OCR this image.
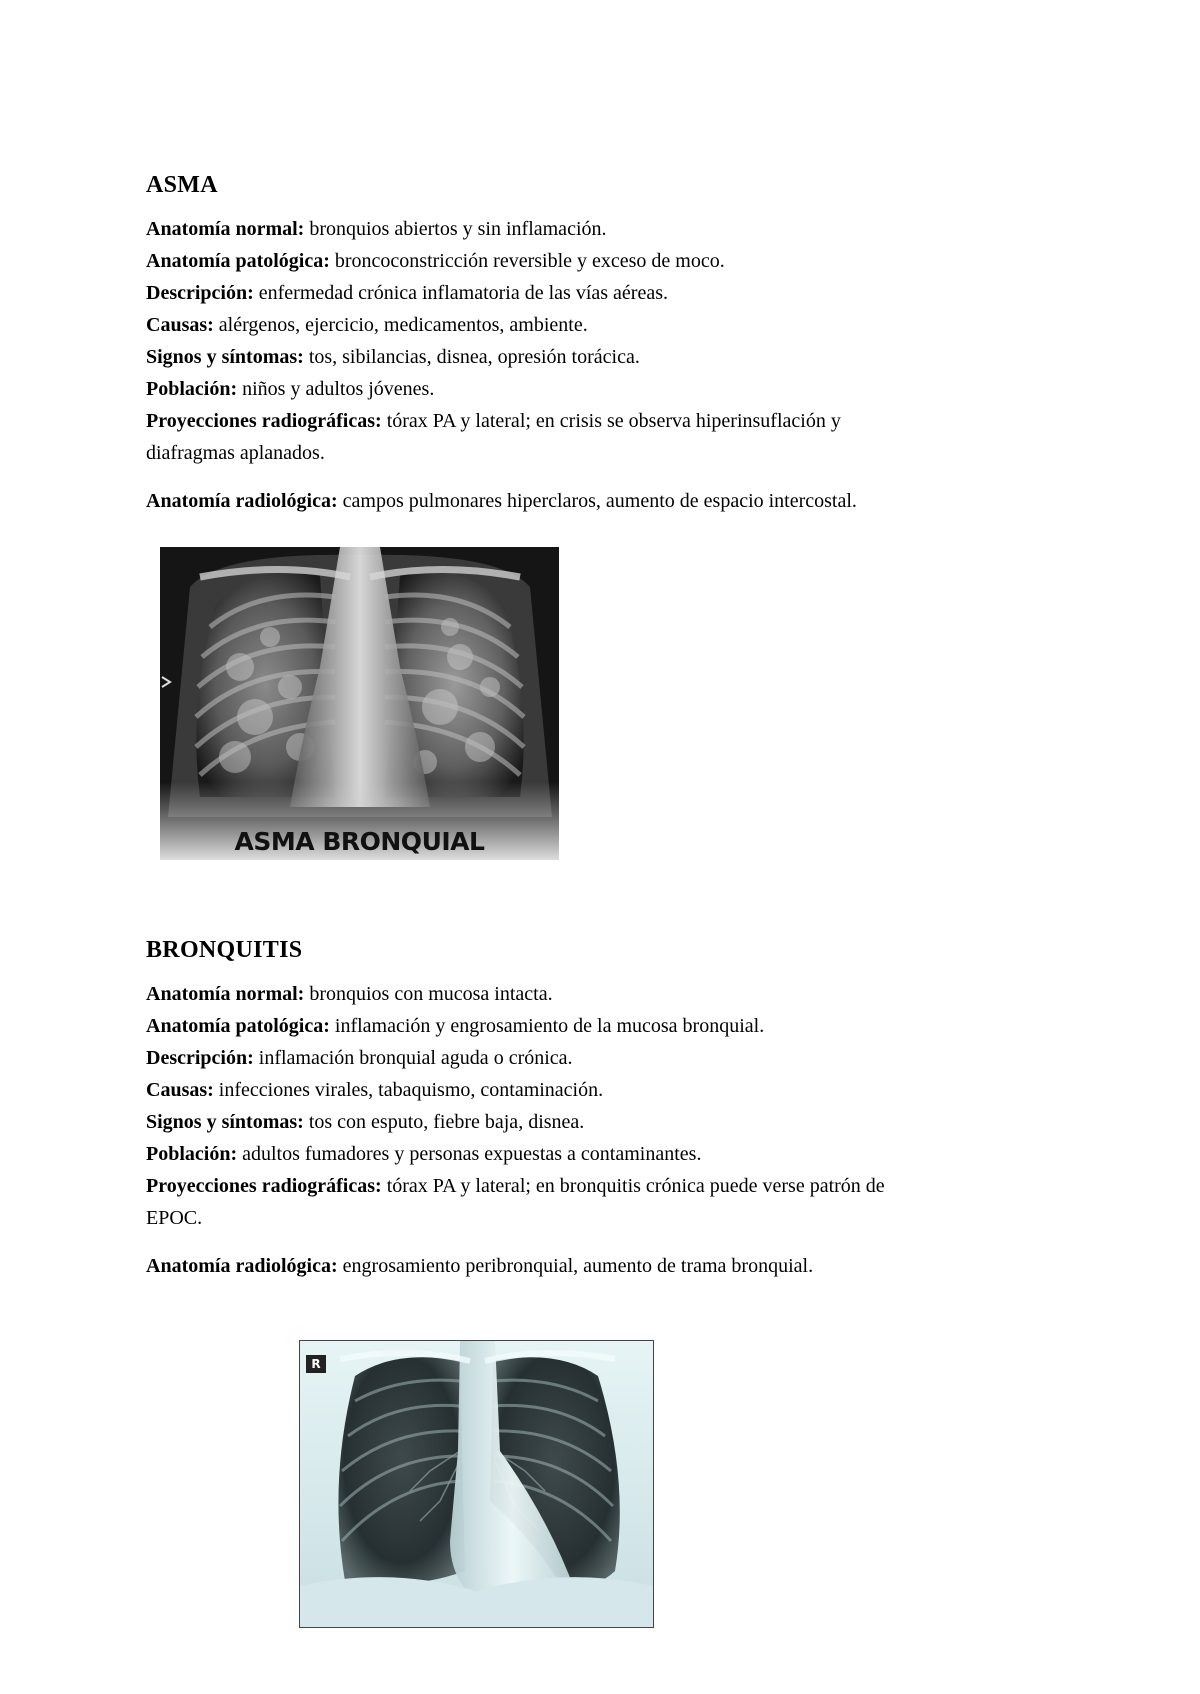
ASMA

Anatomía normal: bronquios abiertos y sin inflamación.

Anatomía patológica: broncoconstricción reversible y exceso de moco.

Descripción: enfermedad crónica inflamatoria de las vías aéreas.

Causas: alérgenos, ejercicio, medicamentos, ambiente.

Signos y síntomas: tos, sibilancias, disnea, opresión torácica.

Población: niños y adultos jóvenes.

Proyecciones radiográficas: tórax PA y lateral; en crisis se observa hiperinsuflación y

diafragmas aplanados.

Anatomía radiológica: campos pulmonares hiperclaros, aumento de espacio intercostal.

ASMA BRONQUIAL
BRONQUITIS

Anatomía normal: bronquios con mucosa intacta.

Anatomía patológica: inflamación y engrosamiento de la mucosa bronquial.

Descripción: inflamación bronquial aguda o crónica.

Causas: infecciones virales, tabaquismo, contaminación.

Signos y síntomas: tos con esputo, fiebre baja, disnea.

Población: adultos fumadores y personas expuestas a contaminantes.

Proyecciones radiográficas: tórax PA y lateral; en bronquitis crónica puede verse patrón de

EPOC.

Anatomía radiológica: engrosamiento peribronquial, aumento de trama bronquial.

R
